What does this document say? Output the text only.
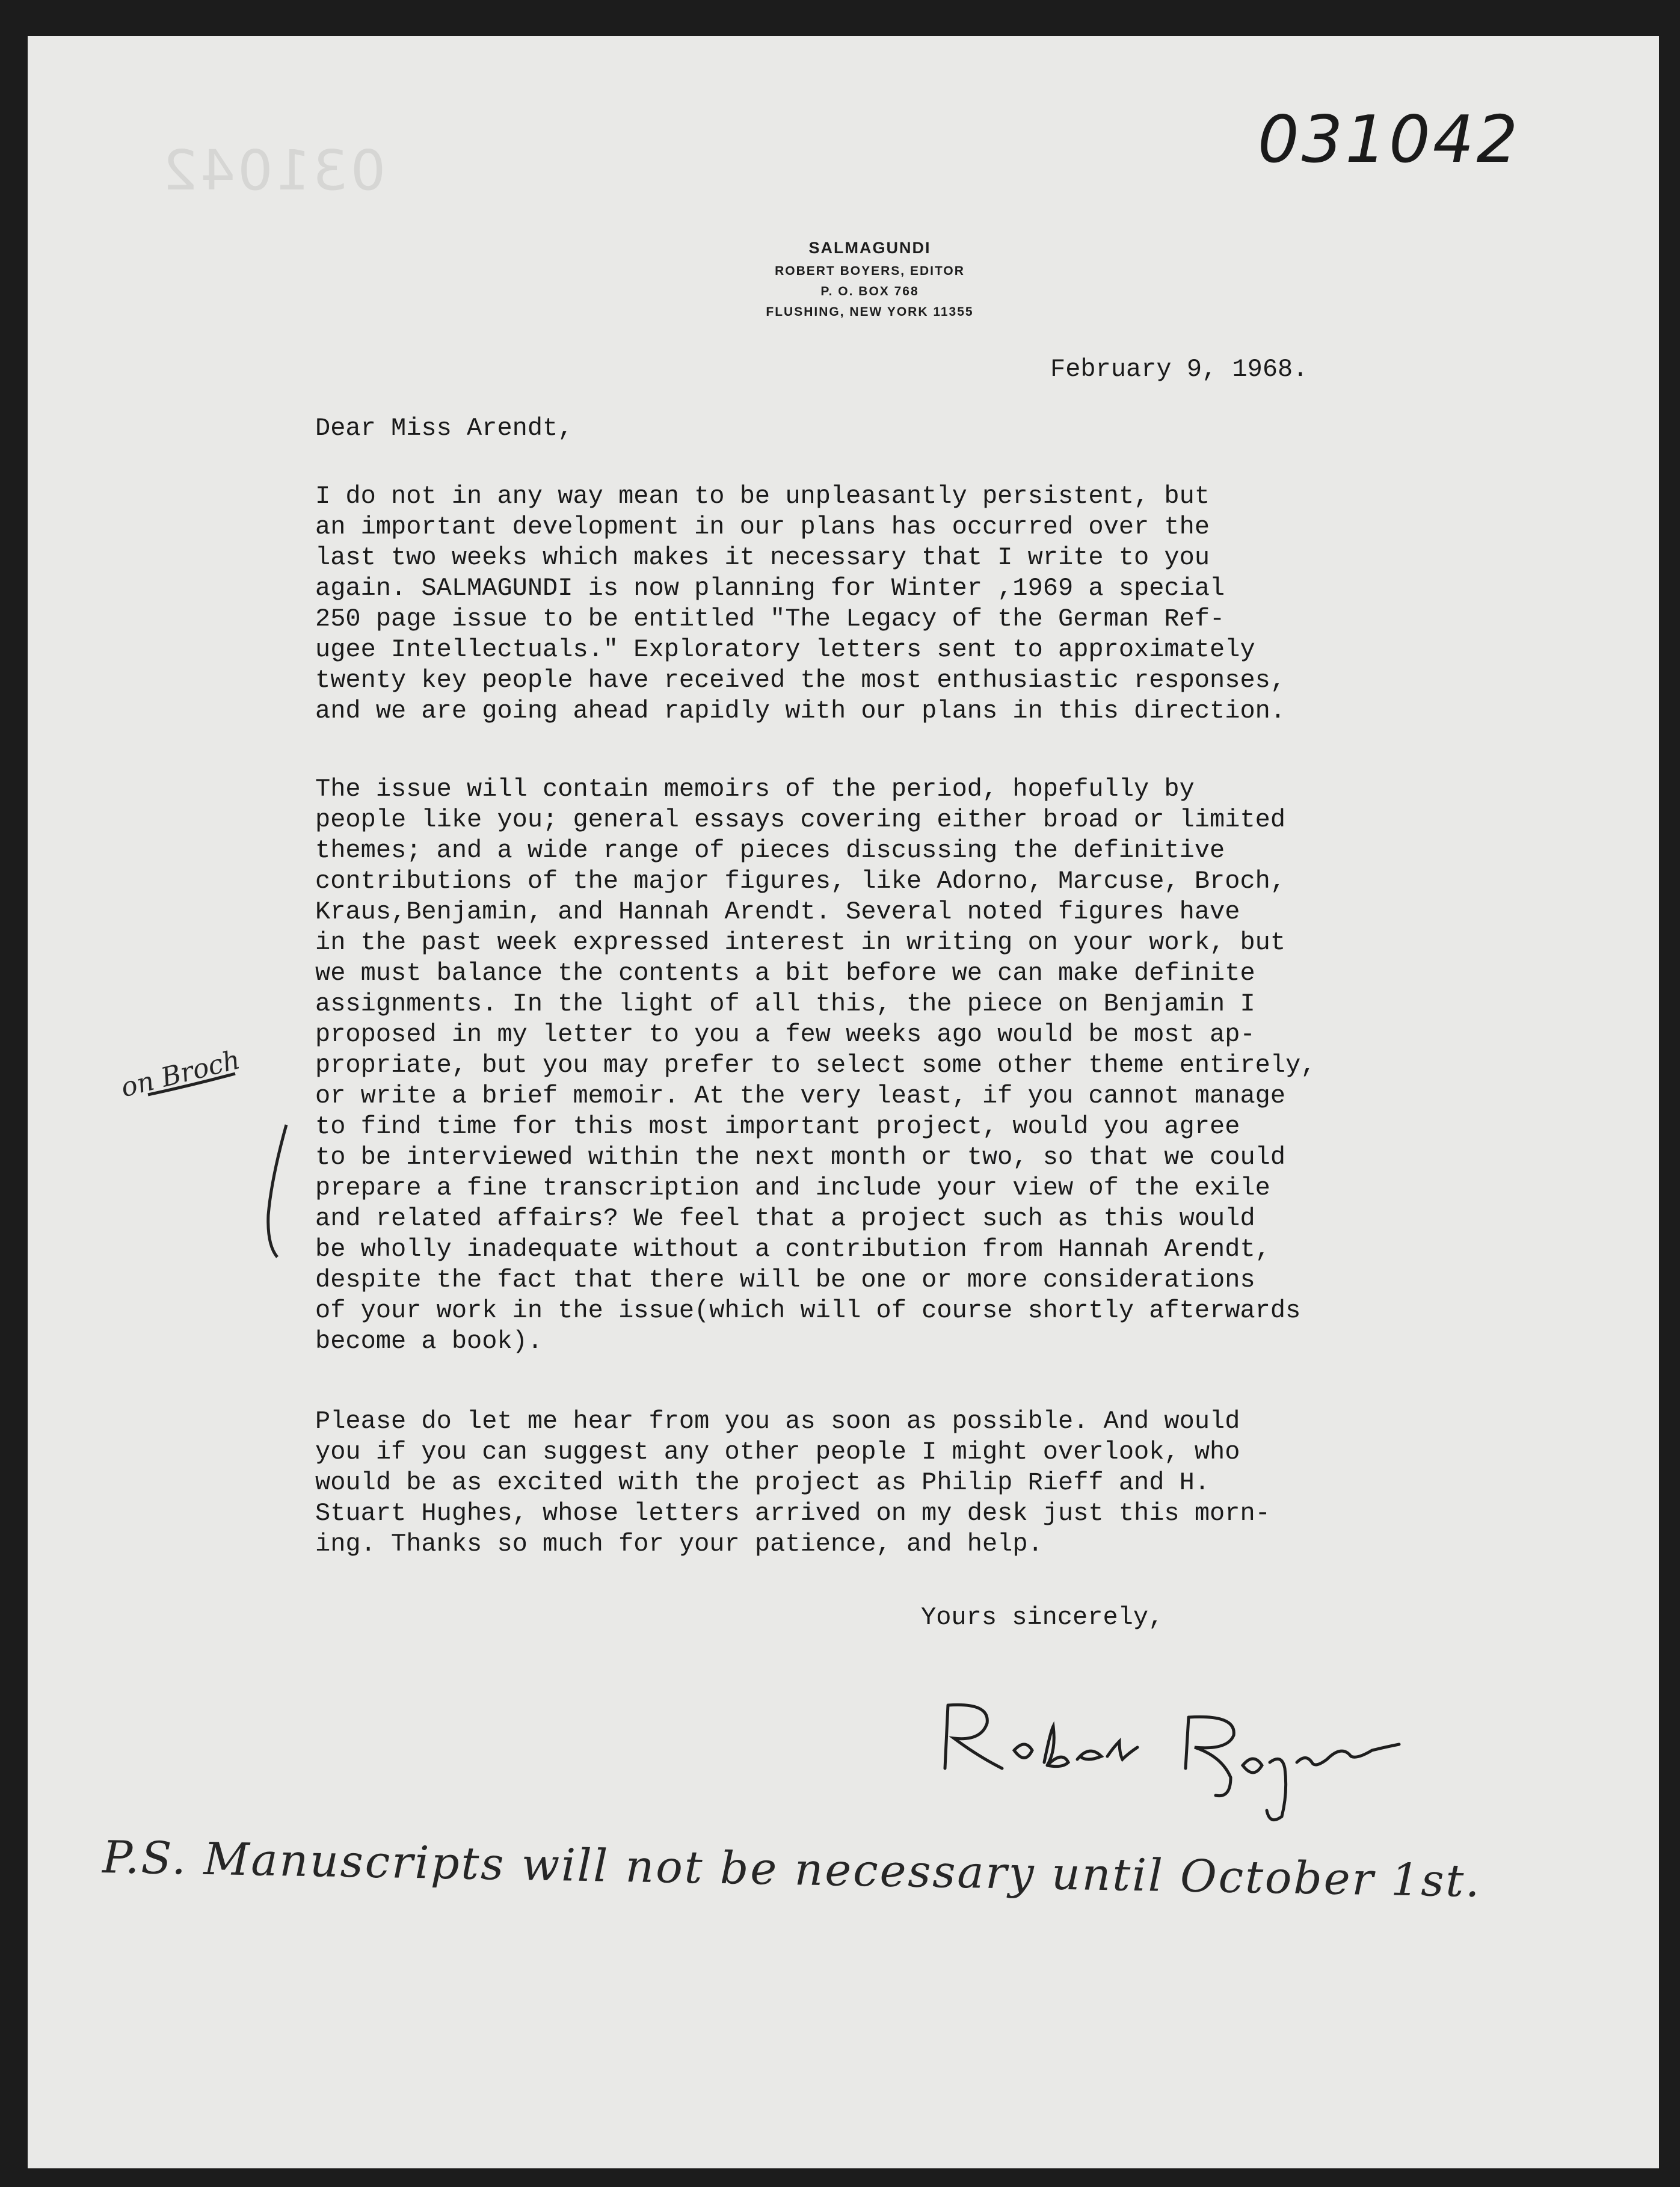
031042	031042
SALMAGUNDI
ROBERT BOYERS, EDITOR
P. O. BOX 768
FLUSHING, NEW YORK 11355
February 9, 1968.
Dear Miss Arendt,

I do not in any way mean to be unpleasantly persistent, but
an important development in our plans has occurred over the
last two weeks which makes it necessary that I write to you
again. SALMAGUNDI is now planning for Winter ,1969 a special
250 page issue to be entitled "The Legacy of the German Ref-
ugee Intellectuals." Exploratory letters sent to approximately
twenty key people have received the most enthusiastic responses,
and we are going ahead rapidly with our plans in this direction.

The issue will contain memoirs of the period, hopefully by
people like you; general essays covering either broad or limited
themes; and a wide range of pieces discussing the definitive
contributions of the major figures, like Adorno, Marcuse, Broch,
Kraus,Benjamin, and Hannah Arendt. Several noted figures have
in the past week expressed interest in writing on your work, but
we must balance the contents a bit before we can make definite
assignments. In the light of all this, the piece on Benjamin I
proposed in my letter to you a few weeks ago would be most ap-
propriate, but you may prefer to select some other theme entirely,
or write a brief memoir. At the very least, if you cannot manage
to find time for this most important project, would you agree
to be interviewed within the next month or two, so that we could
prepare a fine transcription and include your view of the exile
and related affairs? We feel that a project such as this would
be wholly inadequate without a contribution from Hannah Arendt,
despite the fact that there will be one or more considerations
of your work in the issue(which will of course shortly afterwards
become a book).

Please do let me hear from you as soon as possible. And would
you if you can suggest any other people I might overlook, who
would be as excited with the project as Philip Rieff and H.
Stuart Hughes, whose letters arrived on my desk just this morn-
ing. Thanks so much for your patience, and help.

Yours sincerely,
on Broch
P.S. Manuscripts will not be necessary until October 1st.
